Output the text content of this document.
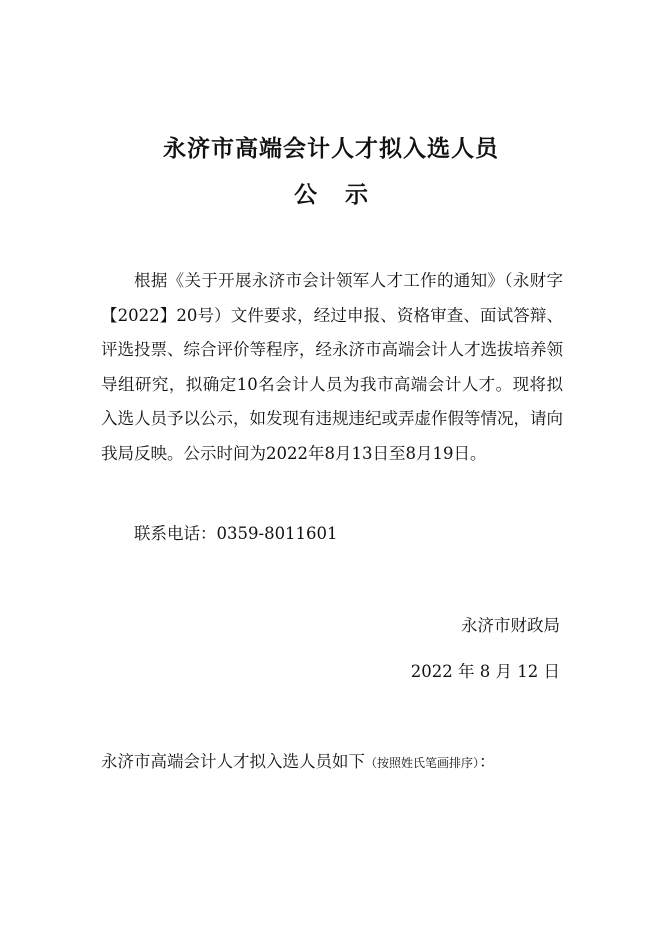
永济市高端会计人才拟入选人员
公 示

根据《关于开展永济市会计领军人才工作的通知》（永财字【2022】20号）文件要求，经过申报、资格审查、面试答辩、评选投票、综合评价等程序，经永济市高端会计人才选拔培养领导组研究，拟确定10名会计人员为我市高端会计人才。现将拟入选人员予以公示，如发现有违规违纪或弄虚作假等情况，请向我局反映。公示时间为2022年8月13日至8月19日。

联系电话：0359-8011601

永济市财政局

2022 年 8 月 12 日

永济市高端会计人才拟入选人员如下（按照姓氏笔画排序）：
